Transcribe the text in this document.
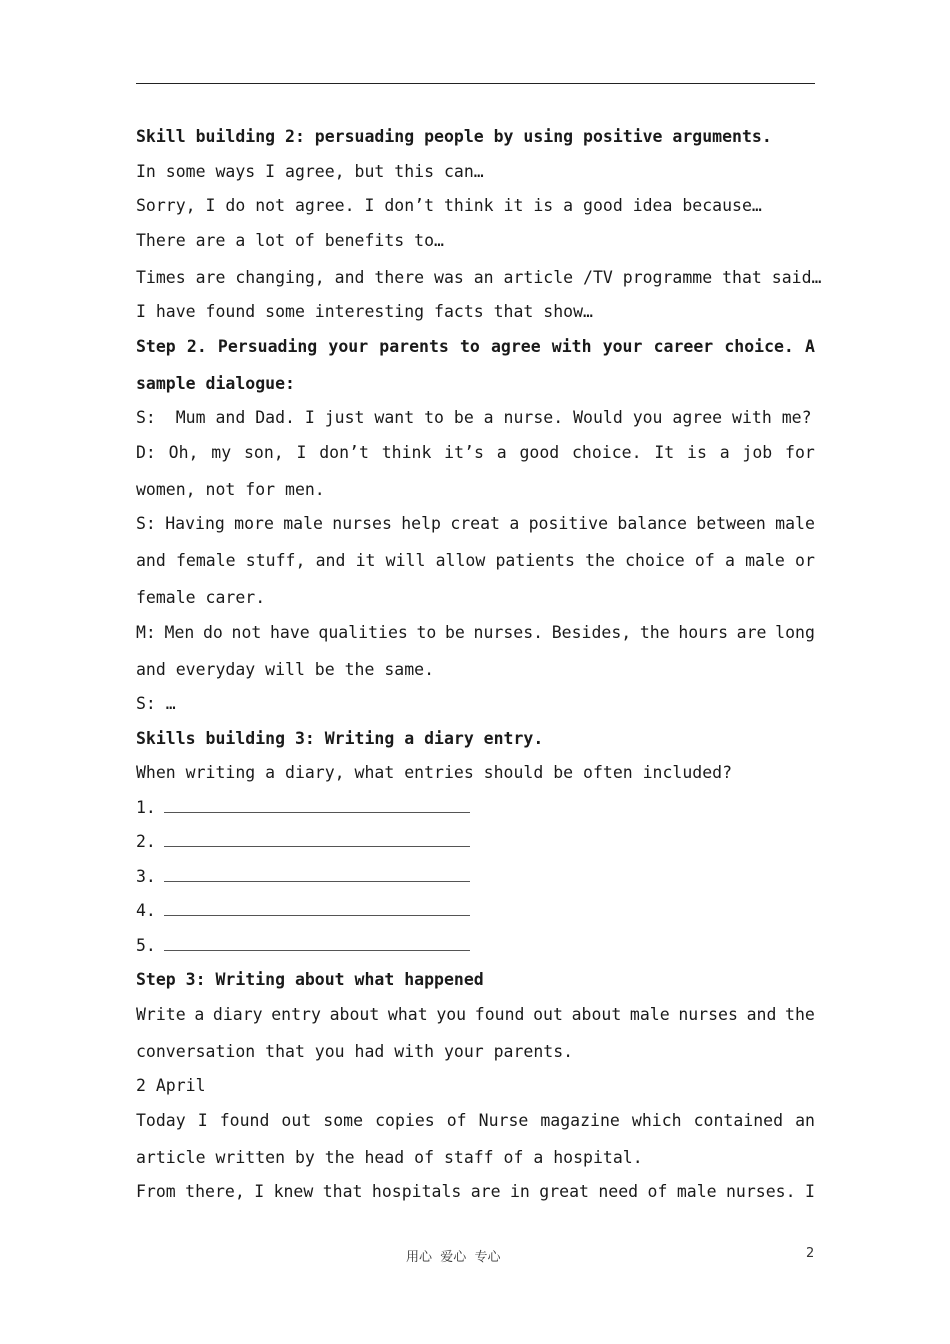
Skill building 2: persuading people by using positive arguments.
In some ways I agree, but this can…
Sorry, I do not agree. I don’t think it is a good idea because…
There are a lot of benefits to…
Times are changing, and there was an article /TV programme that said…
I have found some interesting facts that show…
Step 2. Persuading your parents to agree with your career choice. A
sample dialogue:
S:  Mum and Dad. I just want to be a nurse. Would you agree with me?
D: Oh, my son, I don’t think it’s a good choice. It is a job for
women, not for men.
S: Having more male nurses help creat a positive balance between male
and female stuff, and it will allow patients the choice of a male or
female carer.
M: Men do not have qualities to be nurses. Besides, the hours are long
and everyday will be the same.
S: …
Skills building 3: Writing a diary entry.
When writing a diary, what entries should be often included?
1.
2.
3.
4.
5.
Step 3: Writing about what happened
Write a diary entry about what you found out about male nurses and the
conversation that you had with your parents.
2 April
Today I found out some copies of Nurse magazine which contained an
article written by the head of staff of a hospital.
From there, I knew that hospitals are in great need of male nurses. I
用心  爱心  专心	2
